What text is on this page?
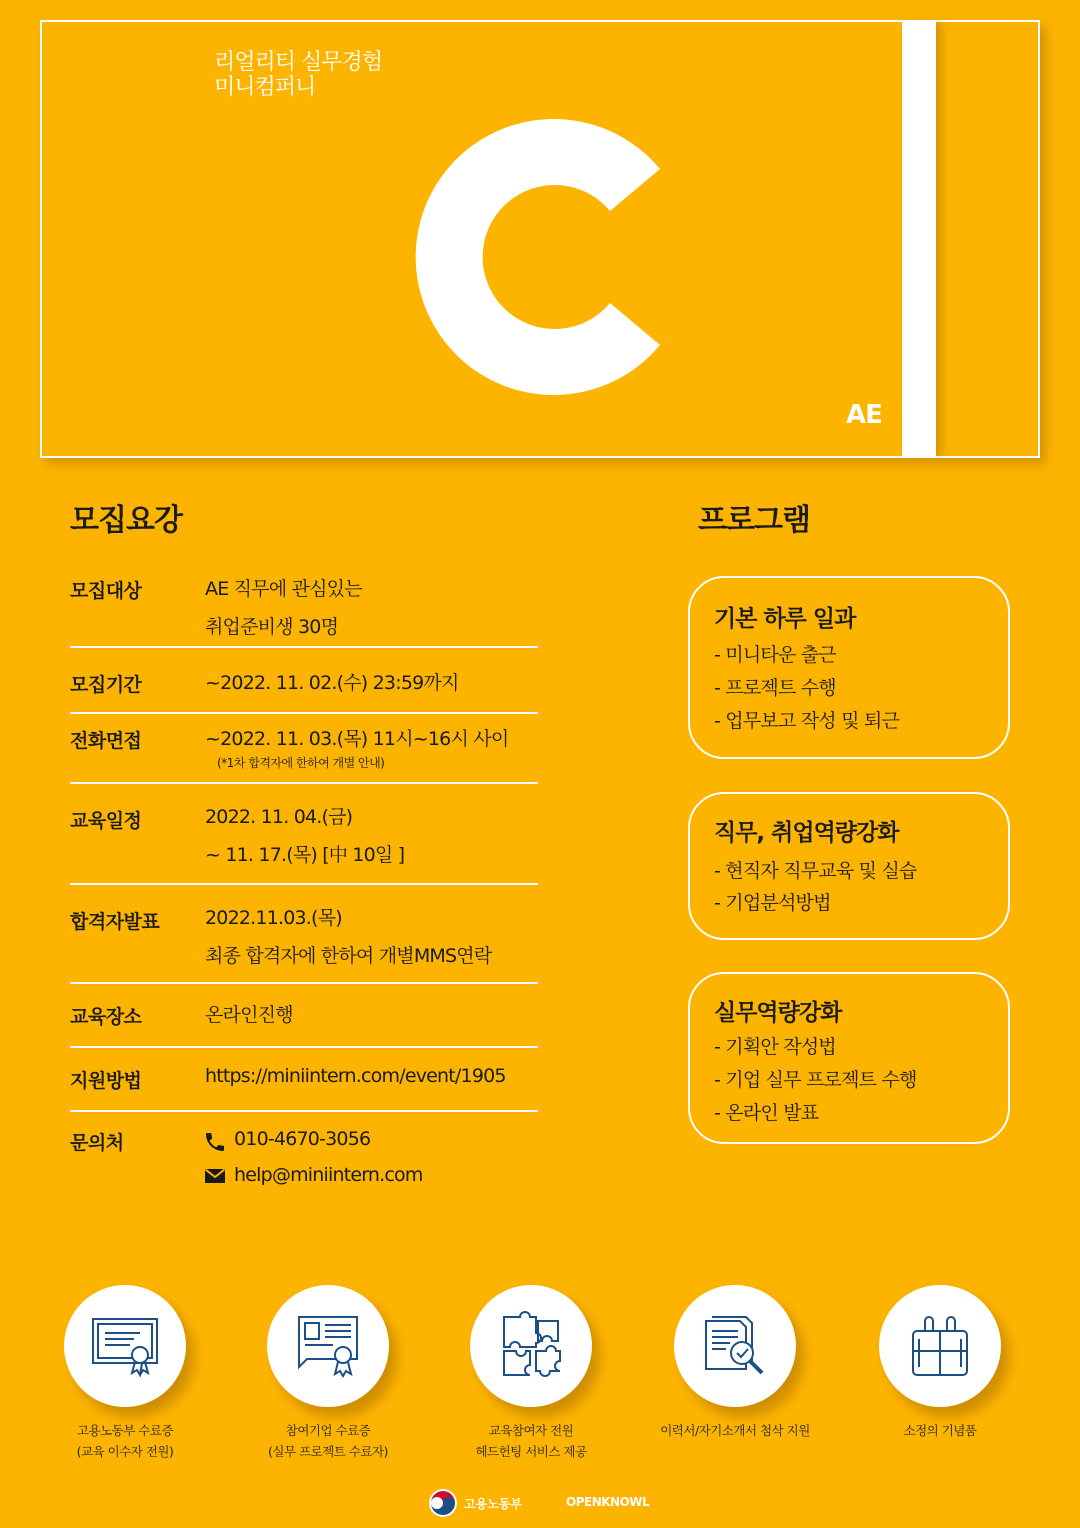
리얼리티 실무경험
미니컴퍼니
AE
모집요강
모집대상	AE 직무에 관심있는
취업준비생 30명
모집기간	~2022. 11. 02.(수) 23:59까지
전화면접	~2022. 11. 03.(목) 11시~16시 사이
(*1차 합격자에 한하여 개별 안내)
교육일정	2022. 11. 04.(금)
~ 11. 17.(목) [中 10일 ]
합격자발표 2022.11.03.(목)
최종 합격자에 한하여 개별MMS연락
교육장소	온라인진행
지원방법	https://miniintern.com/event/1905
문의처	010-4670-3056
help@miniintern.com
프로그램
기본 하루 일과
- 미니타운 출근
- 프로젝트 수행
- 업무보고 작성 및 퇴근
직무, 취업역량강화
- 현직자 직무교육 및 실습
- 기업분석방법
실무역량강화
- 기획안 작성법
- 기업 실무 프로젝트 수행
- 온라인 발표
고용노동부 수료증
(교육 이수자 전원)
참여기업 수료증
(실무 프로젝트 수료자)
교육참여자 전원
헤드헌팅 서비스 제공
이력서/자기소개서 첨삭 지원	소정의 기념품
고용노동부	OPENKNOWL
